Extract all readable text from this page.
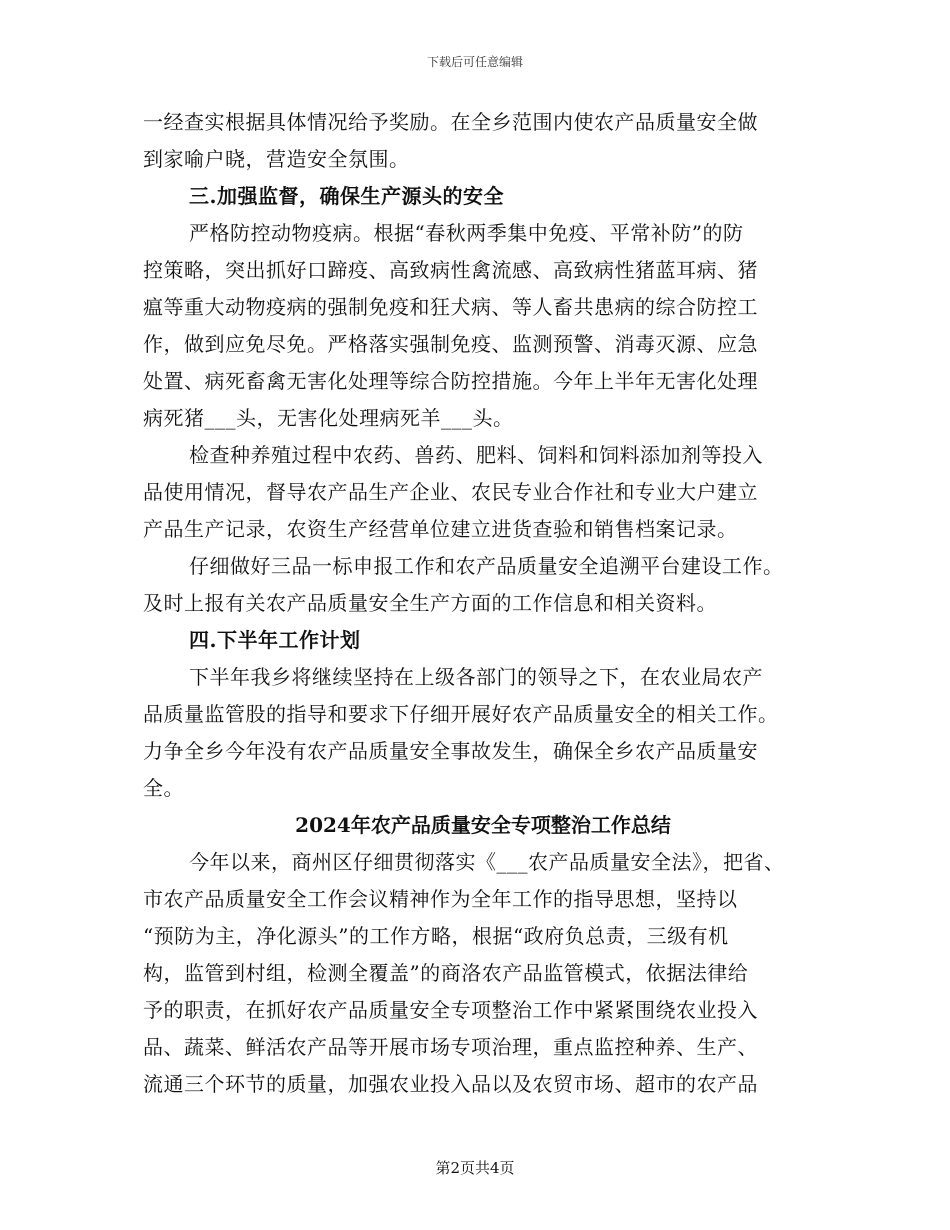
下载后可任意编辑
一经查实根据具体情况给予奖励。在全乡范围内使农产品质量安全做
到家喻户晓，营造安全氛围。
三.加强监督，确保生产源头的安全
严格防控动物疫病。根据“春秋两季集中免疫、平常补防”的防
控策略，突出抓好口蹄疫、高致病性禽流感、高致病性猪蓝耳病、猪
瘟等重大动物疫病的强制免疫和狂犬病、等人畜共患病的综合防控工
作，做到应免尽免。严格落实强制免疫、监测预警、消毒灭源、应急
处置、病死畜禽无害化处理等综合防控措施。今年上半年无害化处理
病死猪___头，无害化处理病死羊___头。
检查种养殖过程中农药、兽药、肥料、饲料和饲料添加剂等投入
品使用情况，督导农产品生产企业、农民专业合作社和专业大户建立
产品生产记录，农资生产经营单位建立进货查验和销售档案记录。
仔细做好三品一标申报工作和农产品质量安全追溯平台建设工作。
及时上报有关农产品质量安全生产方面的工作信息和相关资料。
四.下半年工作计划
下半年我乡将继续坚持在上级各部门的领导之下，在农业局农产
品质量监管股的指导和要求下仔细开展好农产品质量安全的相关工作。
力争全乡今年没有农产品质量安全事故发生，确保全乡农产品质量安
全。
2024年农产品质量安全专项整治工作总结
今年以来，商州区仔细贯彻落实《___农产品质量安全法》，把省、
市农产品质量安全工作会议精神作为全年工作的指导思想，坚持以
“预防为主，净化源头”的工作方略，根据“政府负总责，三级有机
构，监管到村组，检测全覆盖”的商洛农产品监管模式，依据法律给
予的职责，在抓好农产品质量安全专项整治工作中紧紧围绕农业投入
品、蔬菜、鲜活农产品等开展市场专项治理，重点监控种养、生产、
流通三个环节的质量，加强农业投入品以及农贸市场、超市的农产品
第2页共4页
